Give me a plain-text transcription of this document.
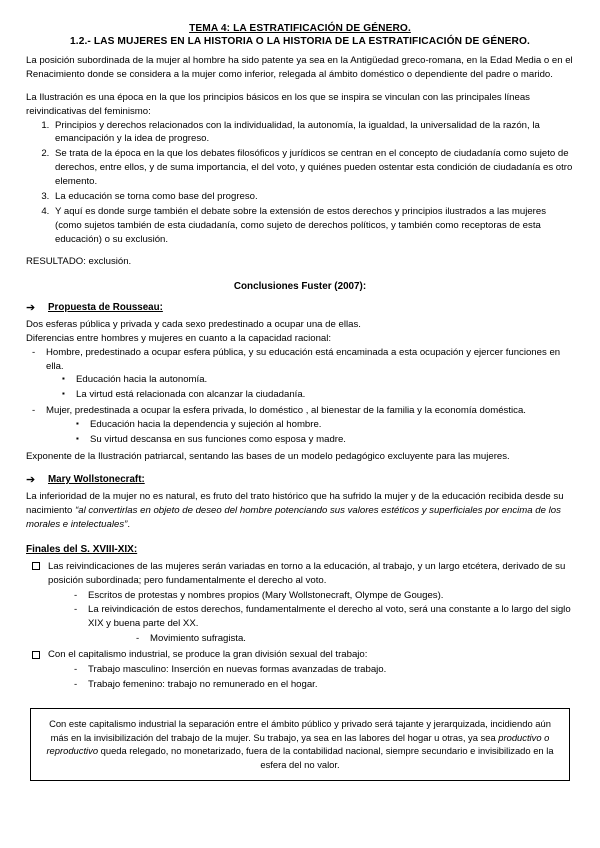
TEMA 4: LA ESTRATIFICACIÓN DE GÉNERO.
1.2.- LAS MUJERES EN LA HISTORIA O LA HISTORIA DE LA ESTRATIFICACIÓN DE GÉNERO.

La posición subordinada de la mujer al hombre ha sido patente ya sea en la Antigüedad greco-romana, en la Edad Media o en el Renacimiento donde se considera a la mujer como inferior, relegada al ámbito doméstico o dependiente del padre o marido.

La Ilustración es una época en la que los principios básicos en los que se inspira se vinculan con las principales líneas reivindicativas del feminismo:

1. Principios y derechos relacionados con la individualidad, la autonomía, la igualdad, la universalidad de la razón, la emancipación y la idea de progreso.
2. Se trata de la época en la que los debates filosóficos y jurídicos se centran en el concepto de ciudadanía como sujeto de derechos, entre ellos, y de suma importancia, el del voto, y quiénes pueden ostentar esta condición de ciudadanía es otro elemento.
3. La educación se torna como base del progreso.
4. Y aquí es donde surge también el debate sobre la extensión de estos derechos y principios ilustrados a las mujeres (como sujetos también de esta ciudadanía, como sujeto de derechos políticos, y también como receptoras de esta educación) o su exclusión.

RESULTADO: exclusión.

Conclusiones Fuster (2007):
➔	Propuesta de Rousseau:

Dos esferas pública y privada y cada sexo predestinado a ocupar una de ellas.

Diferencias entre hombres y mujeres en cuanto a la capacidad racional:

- Hombre, predestinado a ocupar esfera pública, y su educación está encaminada a esta ocupación y ejercer funciones en ella.
▪ Educación hacia la autonomía.
▪ La virtud está relacionada con alcanzar la ciudadanía.
- Mujer, predestinada a ocupar la esfera privada, lo doméstico , al bienestar de la familia y la economía doméstica.
▪ Educación hacia la dependencia y sujeción al hombre.
▪ Su virtud descansa en sus funciones como esposa y madre.

Exponente de la Ilustración patriarcal, sentando las bases de un modelo pedagógico excluyente para las mujeres.

➔	Mary Wollstonecraft:

La inferioridad de la mujer no es natural, es fruto del trato histórico que ha sufrido la mujer y de la educación recibida desde su nacimiento “al convertirlas en objeto de deseo del hombre potenciando sus valores estéticos y superficiales por encima de los morales e intelectuales”.

Finales del S. XVIII-XIX:
Las reivindicaciones de las mujeres serán variadas en torno a la educación, al trabajo, y un largo etcétera, derivado de su posición subordinada; pero fundamentalmente el derecho al voto.
- Escritos de protestas y nombres propios (Mary Wollstonecraft, Olympe de Gouges).
- La reivindicación de estos derechos, fundamentalmente el derecho al voto, será una constante a lo largo del siglo XIX y buena parte del XX.
- Movimiento sufragista.
Con el capitalismo industrial, se produce la gran división sexual del trabajo:
- Trabajo masculino: Inserción en nuevas formas avanzadas de trabajo.
- Trabajo femenino: trabajo no remunerado en el hogar.
Con este capitalismo industrial la separación entre el ámbito público y privado será tajante y jerarquizada, incidiendo aún más en la invisibilización del trabajo de la mujer. Su trabajo, ya sea en las labores del hogar u otras, ya sea productivo o reproductivo queda relegado, no monetarizado, fuera de la contabilidad nacional, siempre secundario e invisibilizado en la esfera del no valor.
